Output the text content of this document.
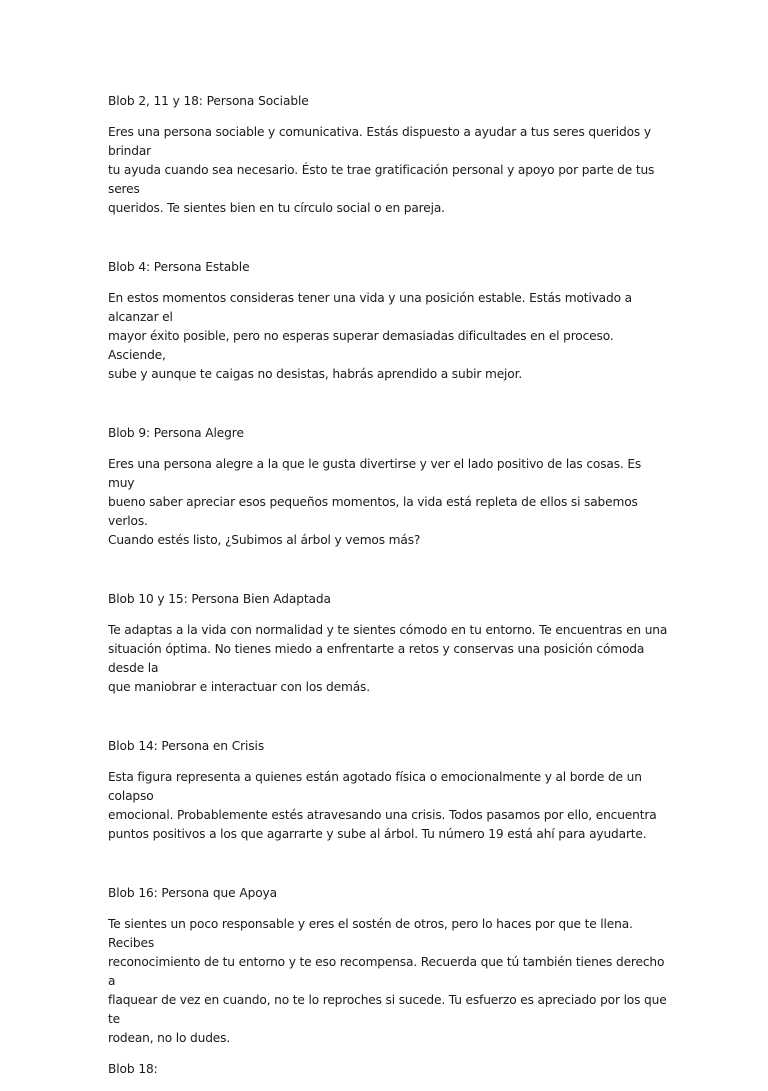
Blob 2, 11 y 18: Persona Sociable

Eres una persona sociable y comunicativa. Estás dispuesto a ayudar a tus seres queridos y brindar
tu ayuda cuando sea necesario. Ésto te trae gratificación personal y apoyo por parte de tus seres
queridos. Te sientes bien en tu círculo social o en pareja.

Blob 4: Persona Estable

En estos momentos consideras tener una vida y una posición estable. Estás motivado a alcanzar el
mayor éxito posible, pero no esperas superar demasiadas dificultades en el proceso. Asciende,
sube y aunque te caigas no desistas, habrás aprendido a subir mejor.

Blob 9: Persona Alegre

Eres una persona alegre a la que le gusta divertirse y ver el lado positivo de las cosas. Es muy
bueno saber apreciar esos pequeños momentos, la vida está repleta de ellos si sabemos verlos.
Cuando estés listo, ¿Subimos al árbol y vemos más?

Blob 10 y 15: Persona Bien Adaptada

Te adaptas a la vida con normalidad y te sientes cómodo en tu entorno. Te encuentras en una
situación óptima. No tienes miedo a enfrentarte a retos y conservas una posición cómoda desde la
que maniobrar e interactuar con los demás.

Blob 14: Persona en Crisis

Esta figura representa a quienes están agotado física o emocionalmente y al borde de un colapso
emocional. Probablemente estés atravesando una crisis. Todos pasamos por ello, encuentra
puntos positivos a los que agarrarte y sube al árbol. Tu número 19 está ahí para ayudarte.

Blob 16: Persona que Apoya

Te sientes un poco responsable y eres el sostén de otros, pero lo haces por que te llena. Recibes
reconocimiento de tu entorno y te eso recompensa. Recuerda que tú también tienes derecho a
flaquear de vez en cuando, no te lo reproches si sucede. Tu esfuerzo es apreciado por los que te
rodean, no lo dudes.

Blob 18:
